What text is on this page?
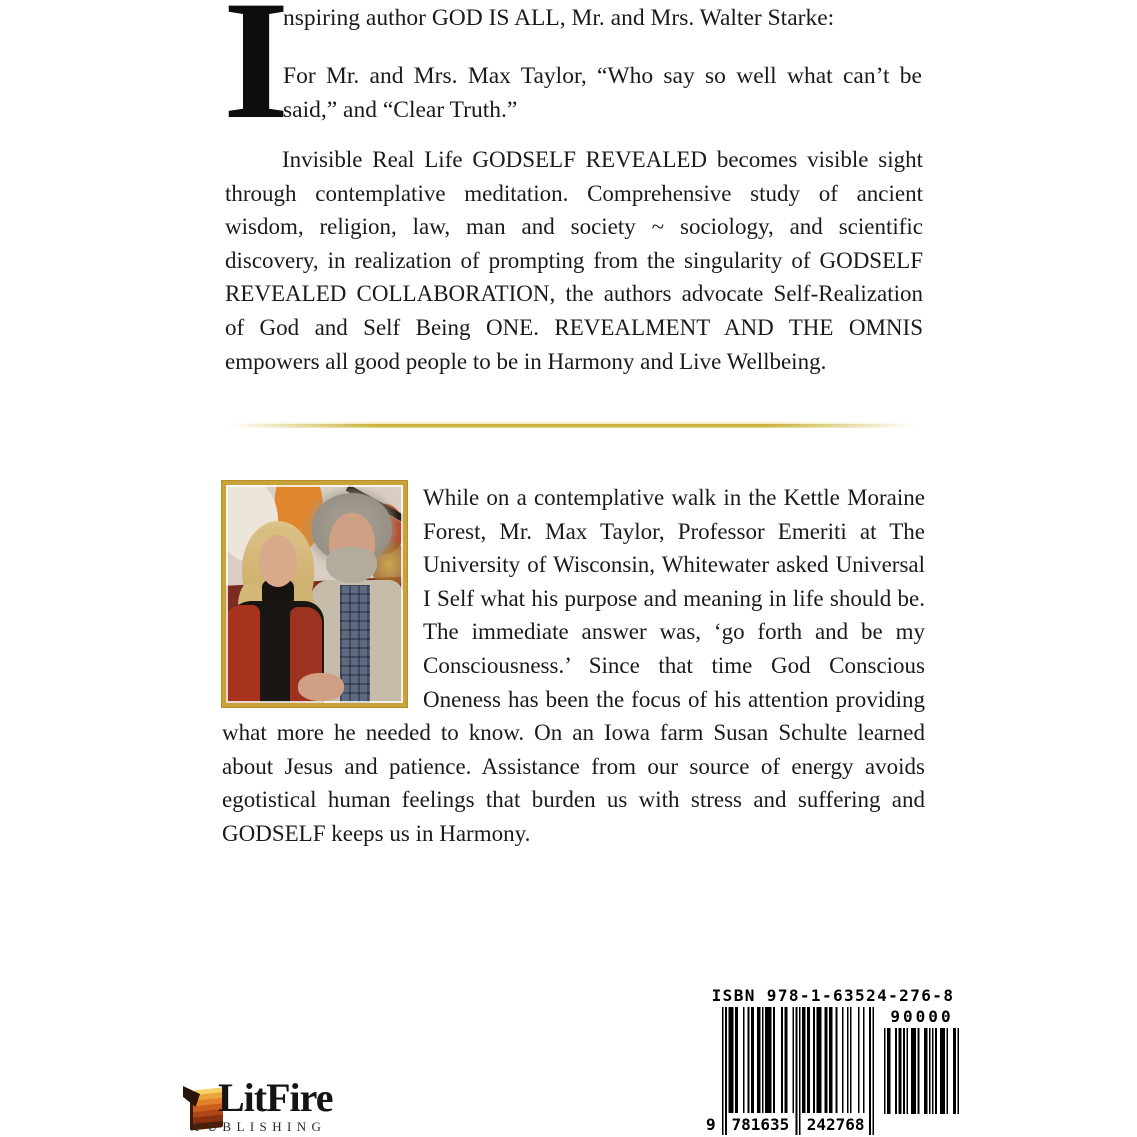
I

nspiring author GOD IS ALL, Mr. and Mrs. Walter Starke:

For Mr. and Mrs. Max Taylor, “Who say so well what can’t be said,” and “Clear Truth.”

Invisible Real Life GODSELF REVEALED becomes visible sight through contemplative meditation. Comprehensive study of ancient wisdom, religion, law, man and society ~ sociology, and scientific discovery, in realization of prompting from the singularity of GODSELF REVEALED COLLABORATION, the authors advocate Self-Realization of God and Self Being ONE. REVEALMENT AND THE OMNIS empowers all good people to be in Harmony and Live Wellbeing.

While on a contemplative walk in the Kettle Moraine Forest, Mr. Max Taylor, Professor Emeriti at The University of Wisconsin, Whitewater asked Universal I Self what his purpose and meaning in life should be. The immediate answer was, ‘go forth and be my Consciousness.’ Since that time God Conscious Oneness has been the focus of his attention providing what more he needed to know. On an Iowa farm Susan Schulte learned about Jesus and patience. Assistance from our source of energy avoids egotistical human feelings that burden us with stress and suffering and GODSELF keeps us in Harmony.

ISBN 978-1-63524-276-8
9 781635 242768
90000
LitFire
PUBLISHING
